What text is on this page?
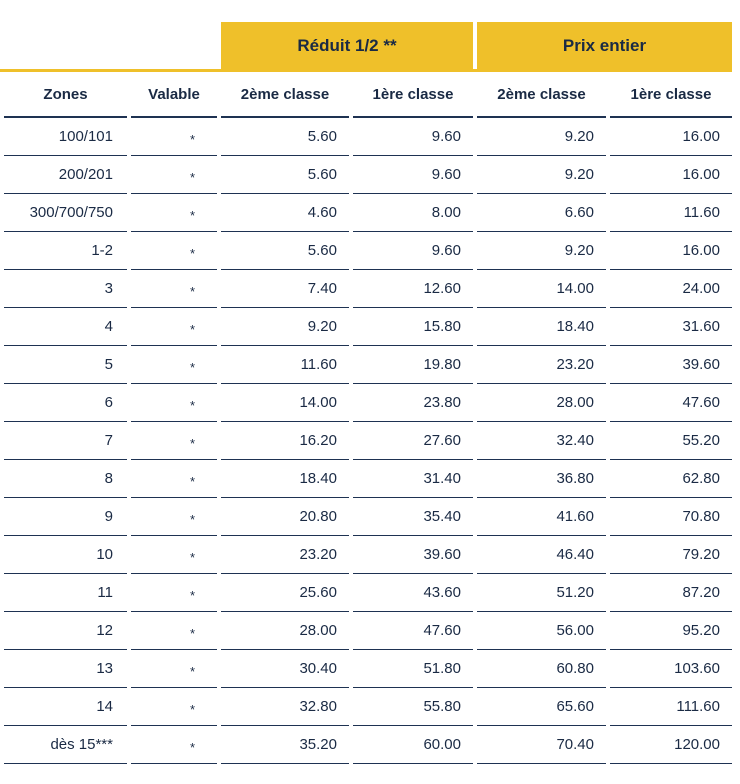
Réduit 1/2 **	Prix entier
Zones	Valable	2ème classe	1ère classe	2ème classe	1ère classe
100/101	*	5.60	9.60	9.20	16.00
200/201	*	5.60	9.60	9.20	16.00
300/700/750	*	4.60	8.00	6.60	11.60
1-2	*	5.60	9.60	9.20	16.00
3	*	7.40	12.60	14.00	24.00
4	*	9.20	15.80	18.40	31.60
5	*	11.60	19.80	23.20	39.60
6	*	14.00	23.80	28.00	47.60
7	*	16.20	27.60	32.40	55.20
8	*	18.40	31.40	36.80	62.80
9	*	20.80	35.40	41.60	70.80
10	*	23.20	39.60	46.40	79.20
11	*	25.60	43.60	51.20	87.20
12	*	28.00	47.60	56.00	95.20
13	*	30.40	51.80	60.80	103.60
14	*	32.80	55.80	65.60	111.60
dès 15***	*	35.20	60.00	70.40	120.00
